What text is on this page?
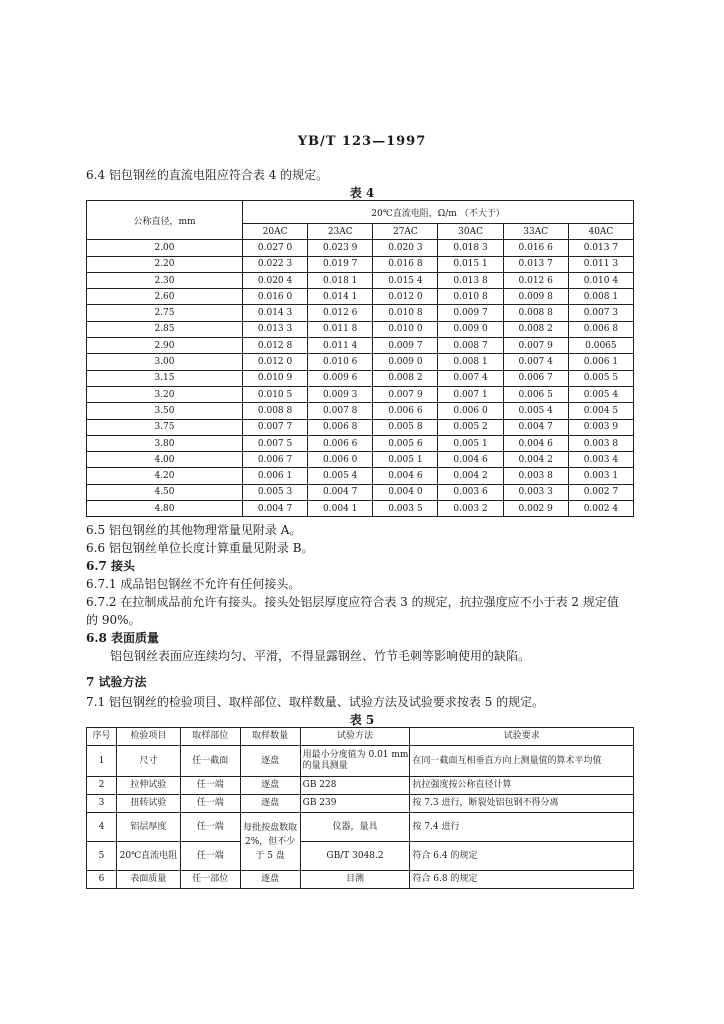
YB/T 123—1997
6.4 铝包钢丝的直流电阻应符合表 4 的规定。
表 4
公称直径，mm	20℃直流电阻，Ω/m （不大于）					
	20AC	23AC	27AC	30AC	33AC	40AC
2.00	0.027 0	0.023 9	0.020 3	0.018 3	0.016 6	0.013 7
2.20	0.022 3	0.019 7	0.016 8	0.015 1	0.013 7	0.011 3
2.30	0.020 4	0.018 1	0.015 4	0.013 8	0.012 6	0.010 4
2.60	0.016 0	0.014 1	0.012 0	0.010 8	0.009 8	0.008 1
2.75	0.014 3	0.012 6	0.010 8	0.009 7	0.008 8	0.007 3
2.85	0.013 3	0.011 8	0.010 0	0.009 0	0.008 2	0.006 8
2.90	0.012 8	0.011 4	0.009 7	0.008 7	0.007 9	0.0065
3.00	0.012 0	0.010 6	0.009 0	0.008 1	0.007 4	0.006 1
3.15	0.010 9	0.009 6	0.008 2	0.007 4	0.006 7	0.005 5
3.20	0.010 5	0.009 3	0.007 9	0.007 1	0.006 5	0.005 4
3.50	0.008 8	0.007 8	0.006 6	0.006 0	0.005 4	0.004 5
3.75	0.007 7	0.006 8	0.005 8	0.005 2	0.004 7	0.003 9
3.80	0.007 5	0.006 6	0.005 6	0.005 1	0.004 6	0.003 8
4.00	0.006 7	0.006 0	0.005 1	0.004 6	0.004 2	0.003 4
4.20	0.006 1	0.005 4	0.004 6	0.004 2	0.003 8	0.003 1
4.50	0.005 3	0.004 7	0.004 0	0.003 6	0.003 3	0.002 7
4.80	0.004 7	0.004 1	0.003 5	0.003 2	0.002 9	0.002 4
6.5 铝包钢丝的其他物理常量见附录 A。
6.6 铝包钢丝单位长度计算重量见附录 B。
6.7 接头
6.7.1 成品铝包钢丝不允许有任何接头。
6.7.2 在拉制成品前允许有接头。接头处铝层厚度应符合表 3 的规定，抗拉强度应不小于表 2 规定值
的 90%。
6.8 表面质量
铝包钢丝表面应连续均匀、平滑，不得显露钢丝、竹节毛刺等影响使用的缺陷。
7 试验方法
7.1 铝包钢丝的检验项目、取样部位、取样数量、试验方法及试验要求按表 5 的规定。
表 5
序号	检验项目	取样部位	取样数量	试验方法	试验要求
1	尺寸	任一截面	逐盘	用最小分度值为 0.01 mm 的量具测量	在同一截面互相垂直方向上测量值的算术平均值
2	拉伸试验	任一端	逐盘	GB 228	抗拉强度按公称直径计算
3	扭转试验	任一端	逐盘	GB 239	按 7.3 进行，断裂处铝包钢不得分离
4	铝层厚度	任一端	每批按盘数取 2%，但不少于 5 盘	仪器，量具	按 7.4 进行
5	20℃直流电阻	任一端		GB/T 3048.2	符合 6.4 的规定
6	表面质量	任一部位	逐盘	目测	符合 6.8 的规定
